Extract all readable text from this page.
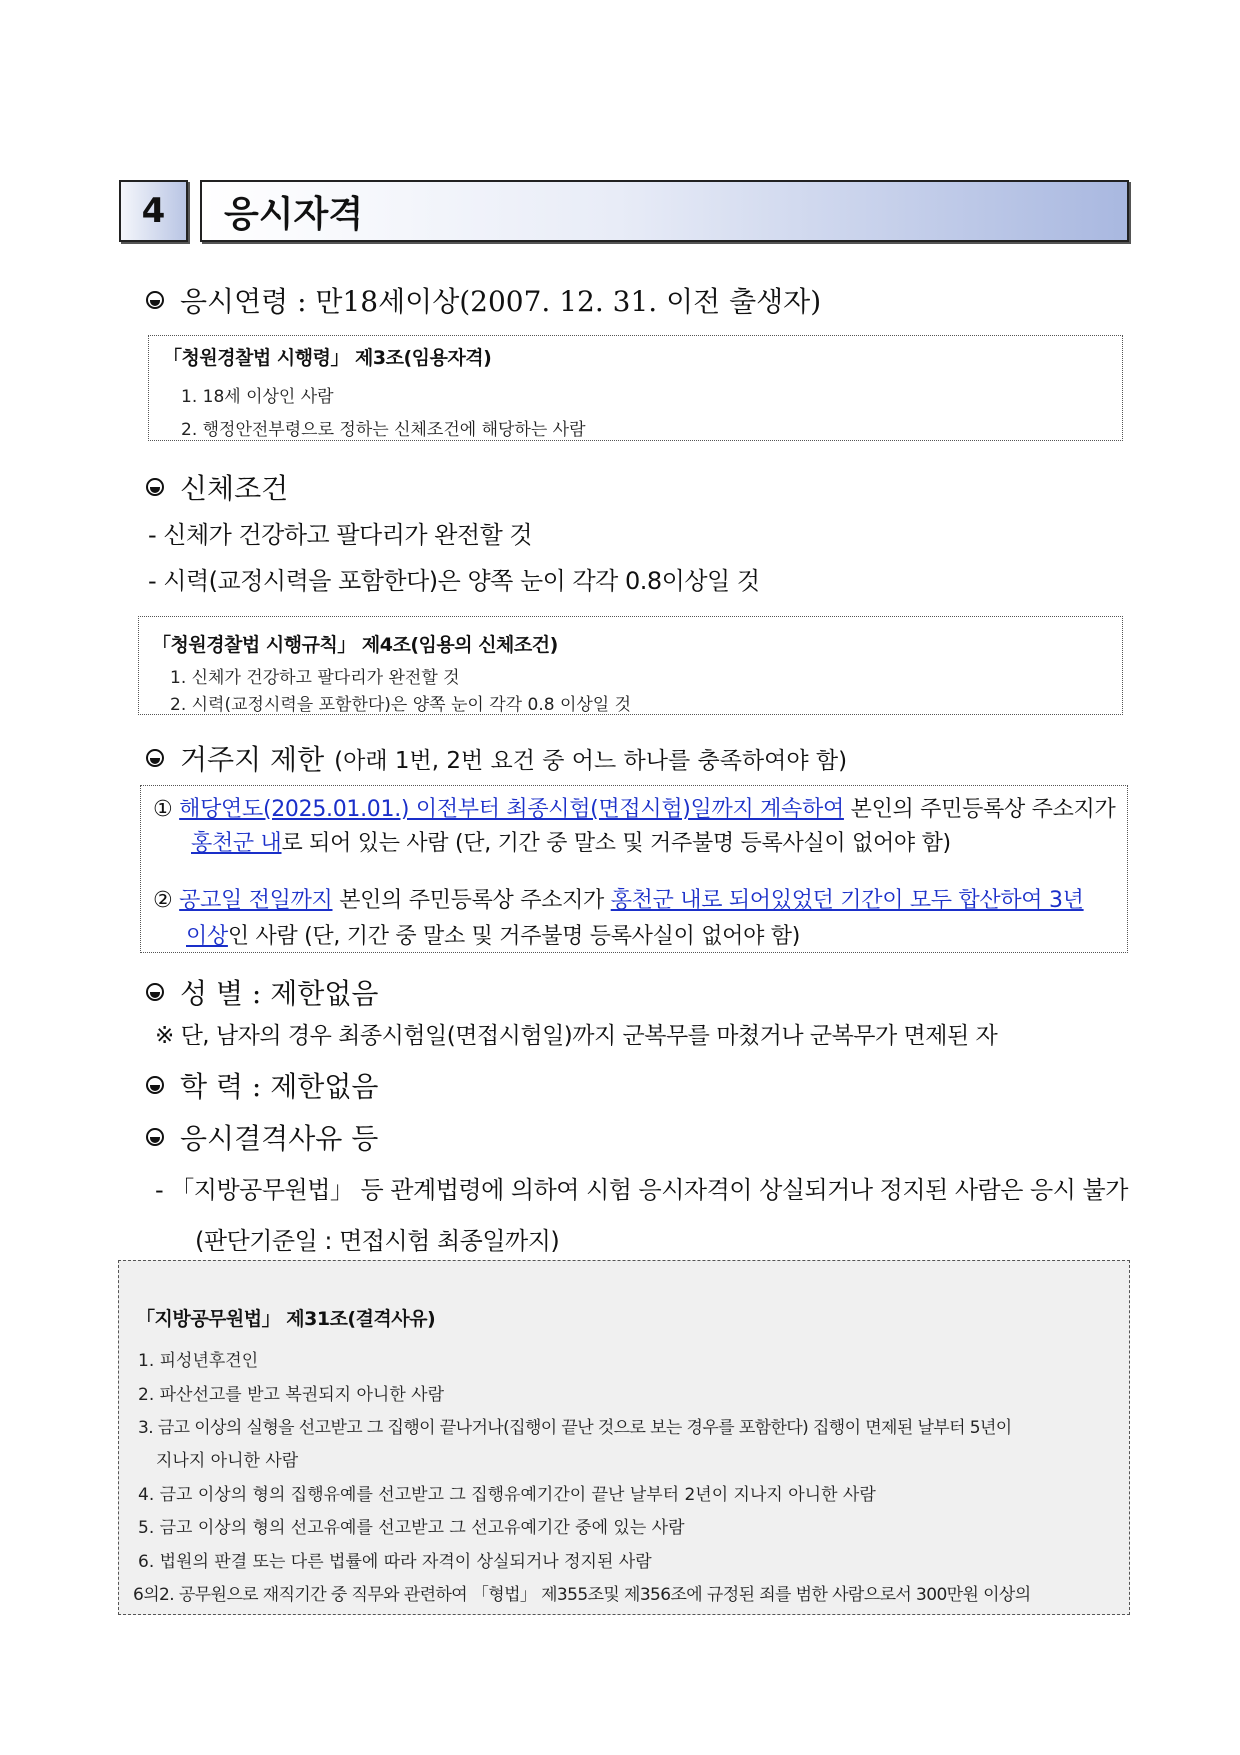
4	응시자격
응시연령 : 만18세이상(2007. 12. 31. 이전 출생자)
「청원경찰법 시행령」 제3조(임용자격)
1. 18세 이상인 사람
2. 행정안전부령으로 정하는 신체조건에 해당하는 사람
신체조건
- 신체가 건강하고 팔다리가 완전할 것
- 시력(교정시력을 포함한다)은 양쪽 눈이 각각 0.8이상일 것
「청원경찰법 시행규칙」 제4조(임용의 신체조건)
1. 신체가 건강하고 팔다리가 완전할 것
2. 시력(교정시력을 포함한다)은 양쪽 눈이 각각 0.8 이상일 것
거주지 제한 (아래 1번, 2번 요건 중 어느 하나를 충족하여야 함)
① 해당연도(2025.01.01.) 이전부터 최종시험(면접시험)일까지 계속하여 본인의 주민등록상 주소지가
홍천군 내로 되어 있는 사람 (단, 기간 중 말소 및 거주불명 등록사실이 없어야 함)
② 공고일 전일까지 본인의 주민등록상 주소지가 홍천군 내로 되어있었던 기간이 모두 합산하여 3년
이상인 사람 (단, 기간 중 말소 및 거주불명 등록사실이 없어야 함)
성 별 : 제한없음
※ 단, 남자의 경우 최종시험일(면접시험일)까지 군복무를 마쳤거나 군복무가 면제된 자
학 력 : 제한없음
응시결격사유 등
- 「지방공무원법」 등 관계법령에 의하여 시험 응시자격이 상실되거나 정지된 사람은 응시 불가
(판단기준일 : 면접시험 최종일까지)
「지방공무원법」 제31조(결격사유)
1. 피성년후견인
2. 파산선고를 받고 복권되지 아니한 사람
3. 금고 이상의 실형을 선고받고 그 집행이 끝나거나(집행이 끝난 것으로 보는 경우를 포함한다) 집행이 면제된 날부터 5년이
지나지 아니한 사람
4. 금고 이상의 형의 집행유예를 선고받고 그 집행유예기간이 끝난 날부터 2년이 지나지 아니한 사람
5. 금고 이상의 형의 선고유예를 선고받고 그 선고유예기간 중에 있는 사람
6. 법원의 판결 또는 다른 법률에 따라 자격이 상실되거나 정지된 사람
6의2. 공무원으로 재직기간 중 직무와 관련하여 「형법」 제355조및 제356조에 규정된 죄를 범한 사람으로서 300만원 이상의
